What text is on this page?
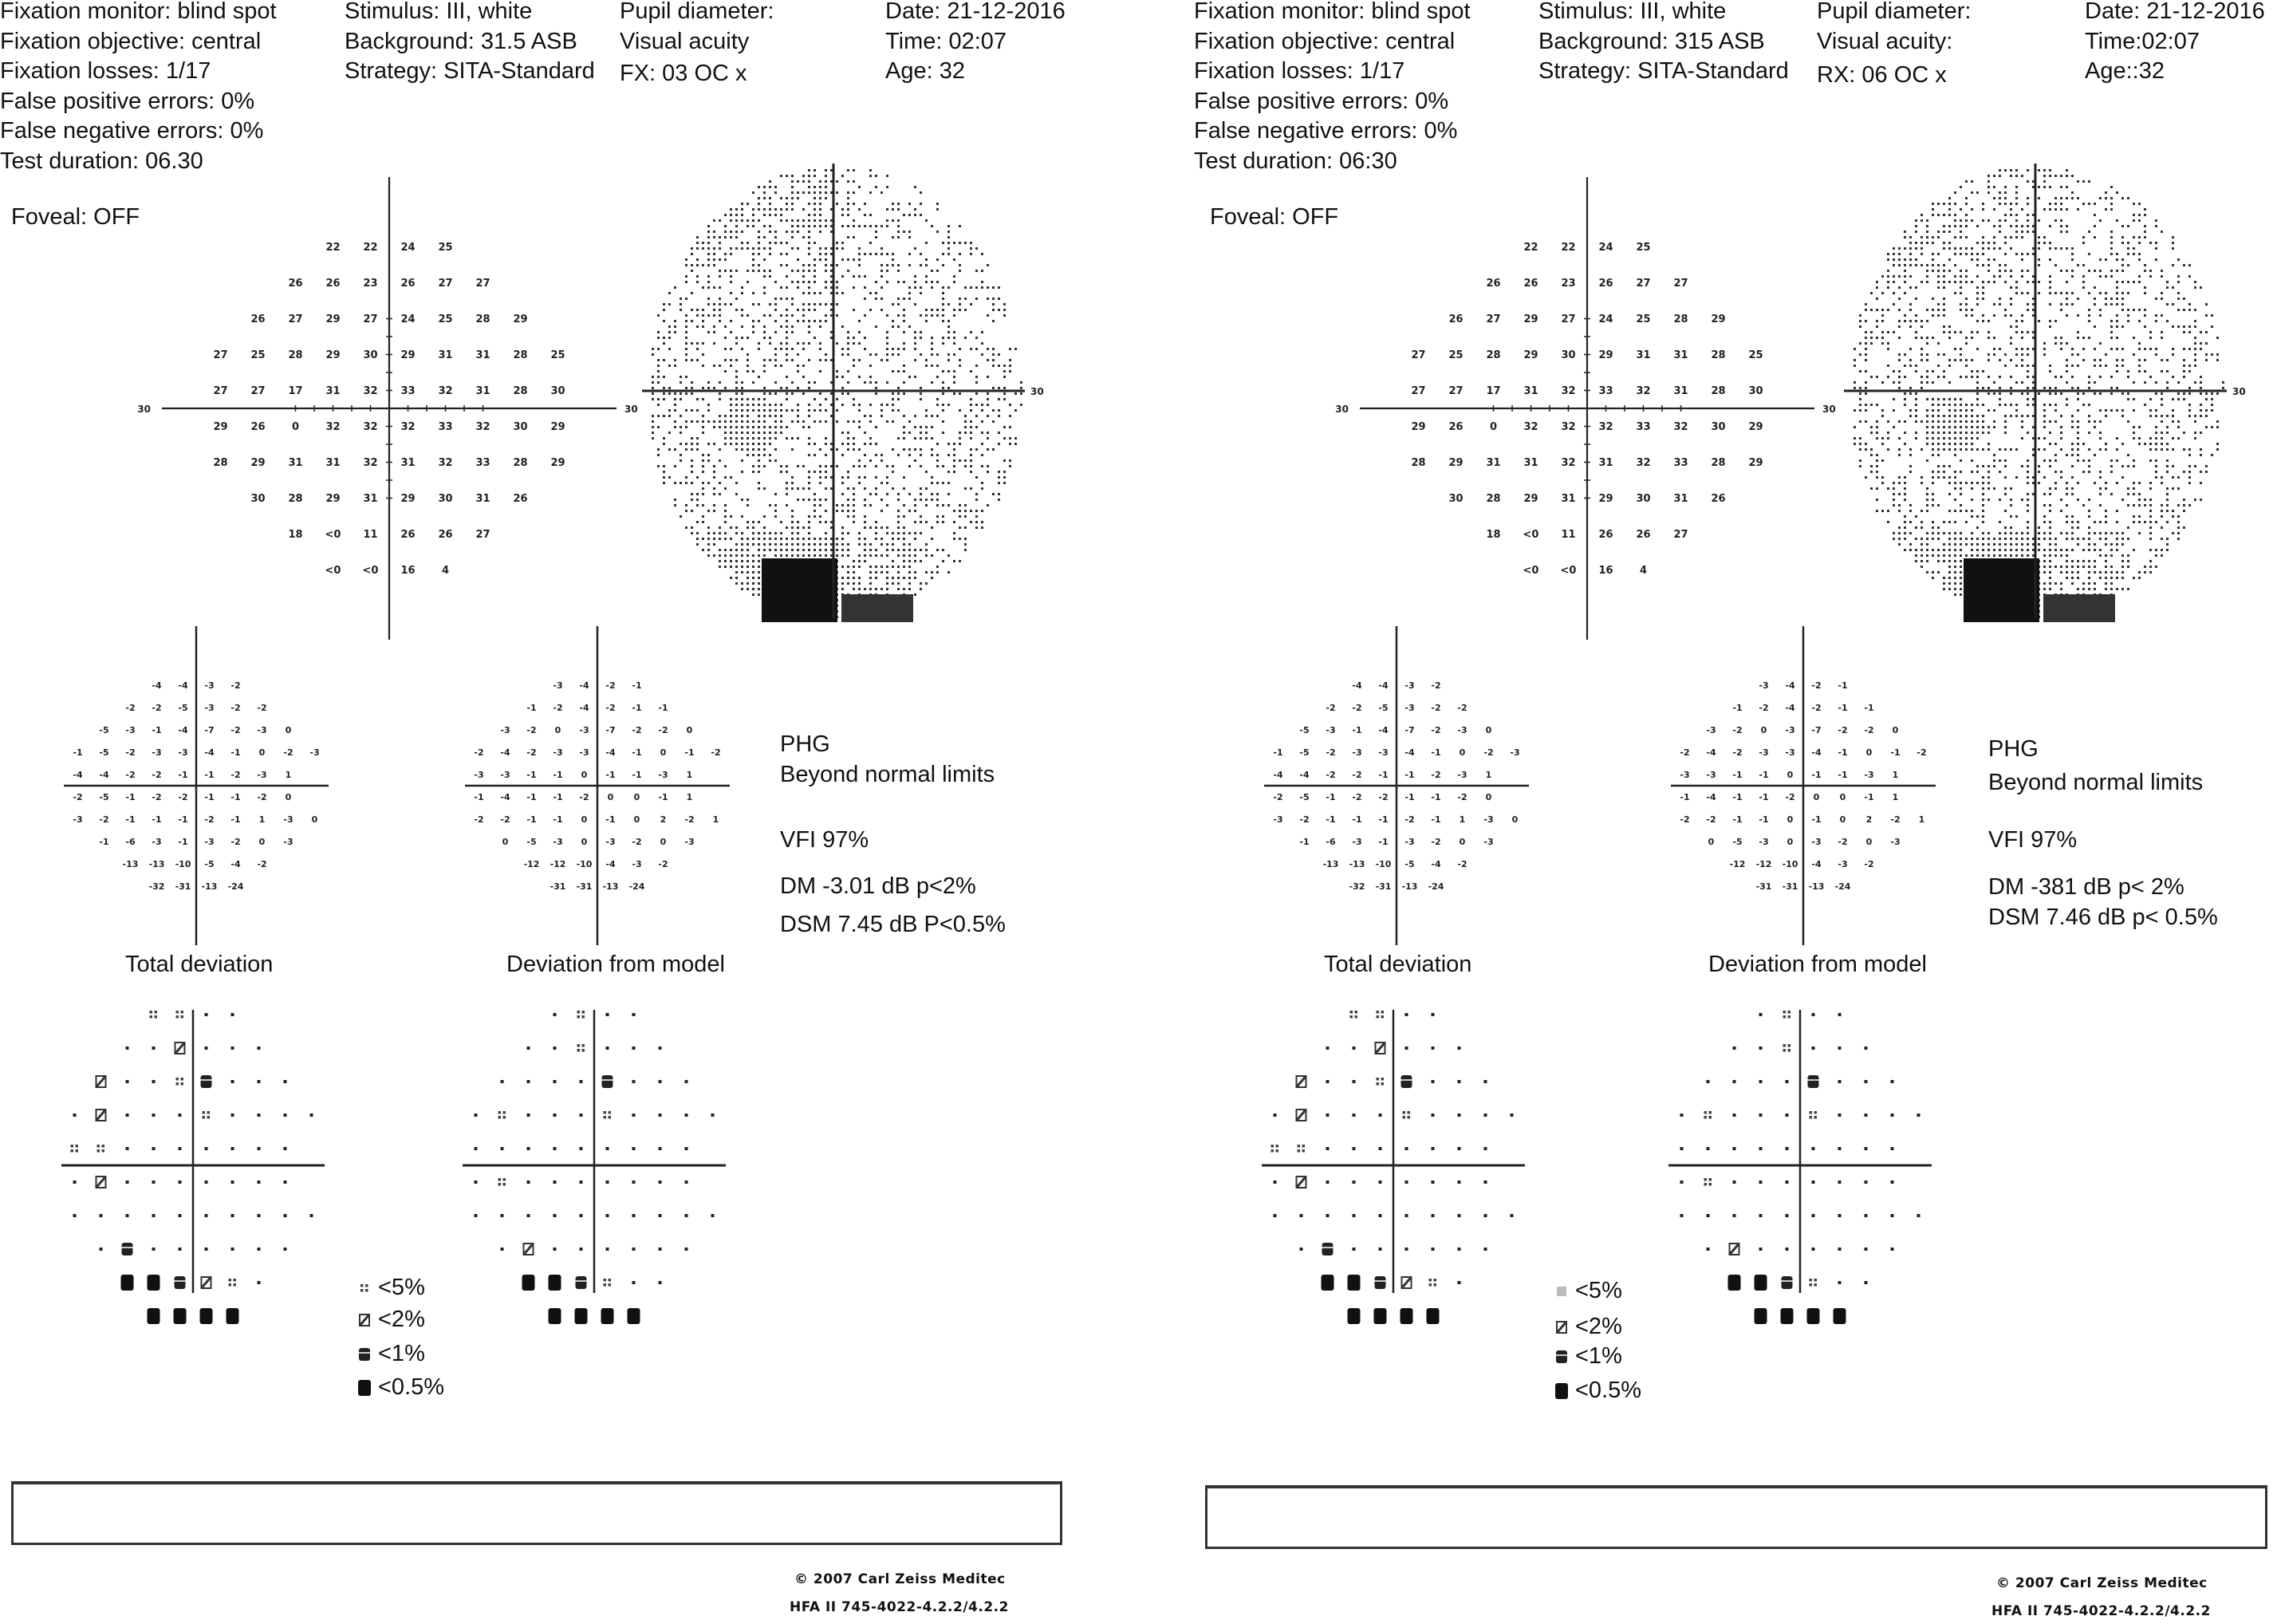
Fixation monitor: blind spot
Fixation objective: central
Fixation losses: 1/17
False positive errors: 0%
False negative errors: 0%
Test duration: 06.30
Stimulus: III, white
Background: 31.5 ASB
Strategy: SITA-Standard
Pupil diameter:
Visual acuity
FX: 03 OC x
Date: 21-12-2016
Time: 02:07
Age: 32
Foveal: OFF
30	30
22 22 24 25
26 26 23 26 27 27
26 27 29 27 24 25 28 29
27 25 28 29 30 29 31 31 28 25
27 27 17 31 32 33 32 31 28 30
29 26	0	32 32 32 33 32 30 29
28 29 31 31 32 31 32 33 28 29
30 28 29 31 29 30 31 26
18 <0 11 26 26 27
<0 <0 16	4
30
-4 -4 -3 -2
-2 -2 -5 -3 -2 -2
-5 -3 -1 -4 -7 -2 -3 0
-1 -5 -2 -3 -3 -4 -1 0 -2 -3
-4 -4 -2 -2 -1 -1 -2 -3 1
-2 -5 -1 -2 -2 -1 -1 -2 0
-3 -2 -1 -1 -1 -2 -1 1 -3 0
-1 -6 -3 -1 -3 -2 0 -3
-13 -13 -10 -5 -4 -2
-32 -31 -13 -24
-3 -4 -2 -1
-1 -2 -4 -2 -1 -1
-3 -2 0 -3 -7 -2 -2 0
-2 -4 -2 -3 -3 -4 -1 0 -1 -2
-3 -3 -1 -1 0 -1 -1 -3 1
-1 -4 -1 -1 -2 0 0 -1 1
-2 -2 -1 -1 0 -1 0 2 -2 1
0 -5 -3 0 -3 -2 0 -3
-12 -12 -10 -4 -3 -2
-31 -31 -13 -24
Total deviation	Deviation from model
PHG
Beyond normal limits
VFI 97%
DM -3.01 dB p<2%
DSM 7.45 dB P<0.5%
<5%
<2%
<1%
<0.5%
© 2007 Carl Zeiss Meditec
HFA II 745-4022-4.2.2/4.2.2
Fixation monitor: blind spot
Fixation objective: central
Fixation losses: 1/17
False positive errors: 0%
False negative errors: 0%
Test duration: 06:30
Stimulus: III, white
Background: 315 ASB
Strategy: SITA-Standard
Pupil diameter:
Visual acuity:
RX: 06 OC x
Date: 21-12-2016
Time:02:07
Age::32
Foveal: OFF
30	30
22 22 24 25
26 26 23 26 27 27
26 27 29 27 24 25 28 29
27 25 28 29 30 29 31 31 28 25
27 27 17 31 32 33 32 31 28 30
29 26	0	32 32 32 33 32 30 29
28 29 31 31 32 31 32 33 28 29
30 28 29 31 29 30 31 26
18 <0 11 26 26 27
<0 <0 16	4
30
-4 -4 -3 -2
-2 -2 -5 -3 -2 -2
-5 -3 -1 -4 -7 -2 -3 0
-1 -5 -2 -3 -3 -4 -1 0 -2 -3
-4 -4 -2 -2 -1 -1 -2 -3 1
-2 -5 -1 -2 -2 -1 -1 -2 0
-3 -2 -1 -1 -1 -2 -1 1 -3 0
-1 -6 -3 -1 -3 -2 0 -3
-13 -13 -10 -5 -4 -2
-32 -31 -13 -24
-3 -4 -2 -1
-1 -2 -4 -2 -1 -1
-3 -2 0 -3 -7 -2 -2 0
-2 -4 -2 -3 -3 -4 -1 0 -1 -2
-3 -3 -1 -1 0 -1 -1 -3 1
-1 -4 -1 -1 -2 0 0 -1 1
-2 -2 -1 -1 0 -1 0 2 -2 1
0 -5 -3 0 -3 -2 0 -3
-12 -12 -10 -4 -3 -2
-31 -31 -13 -24
Total deviation	Deviation from model
PHG
Beyond normal limits
VFI 97%
DM -381 dB p< 2%
DSM 7.46 dB p< 0.5%
<5%
<2%
<1%
<0.5%
© 2007 Carl Zeiss Meditec
HFA II 745-4022-4.2.2/4.2.2
